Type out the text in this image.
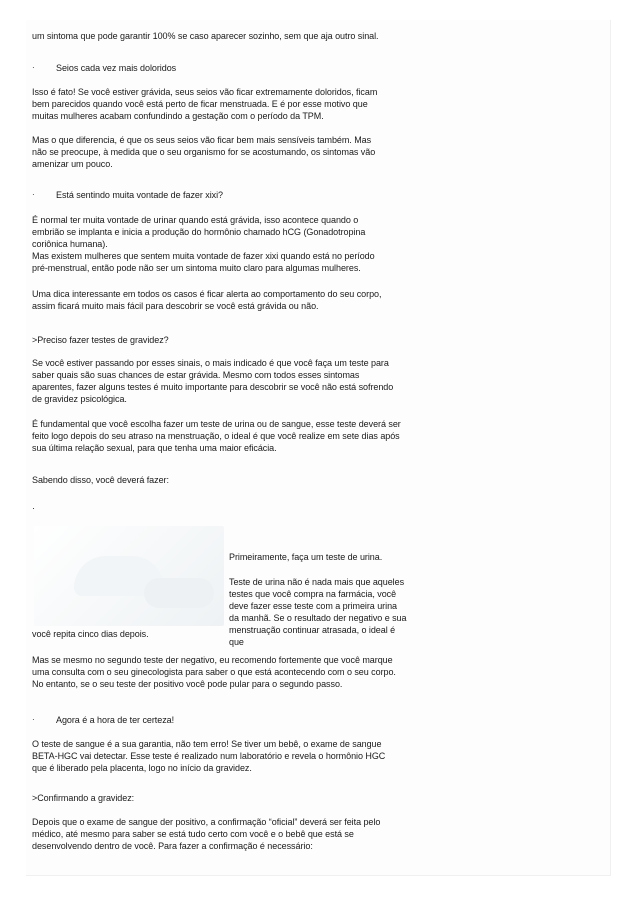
um sintoma que pode garantir 100% se caso aparecer sozinho, sem que aja outro sinal.

·	Seios cada vez mais doloridos

Isso é fato! Se você estiver grávida, seus seios vão ficar extremamente doloridos, ficam bem parecidos quando você está perto de ficar menstruada. E é por esse motivo que muitas mulheres acabam confundindo a gestação com o período da TPM.

Mas o que diferencia, é que os seus seios vão ficar bem mais sensíveis também. Mas não se preocupe, à medida que o seu organismo for se acostumando, os sintomas vão amenizar um pouco.

·	Está sentindo muita vontade de fazer xixi?

É normal ter muita vontade de urinar quando está grávida, isso acontece quando o embrião se implanta e inicia a produção do hormônio chamado hCG (Gonadotropina coriônica humana).

Mas existem mulheres que sentem muita vontade de fazer xixi quando está no período pré-menstrual, então pode não ser um sintoma muito claro para algumas mulheres.

Uma dica interessante em todos os casos é ficar alerta ao comportamento do seu corpo, assim ficará muito mais fácil para descobrir se você está grávida ou não.

>Preciso fazer testes de gravidez?

Se você estiver passando por esses sinais, o mais indicado é que você faça um teste para saber quais são suas chances de estar grávida. Mesmo com todos esses sintomas aparentes, fazer alguns testes é muito importante para descobrir se você não está sofrendo de gravidez psicológica.

É fundamental que você escolha fazer um teste de urina ou de sangue, esse teste deverá ser feito logo depois do seu atraso na menstruação, o ideal é que você realize em sete dias após sua última relação sexual, para que tenha uma maior eficácia.

Sabendo disso, você deverá fazer:

·

Primeiramente, faça um teste de urina.

Teste de urina não é nada mais que aqueles testes que você compra na farmácia, você deve fazer esse teste com a primeira urina da manhã. Se o resultado der negativo e sua menstruação continuar atrasada, o ideal é que

você repita cinco dias depois.

Mas se mesmo no segundo teste der negativo, eu recomendo fortemente que você marque uma consulta com o seu ginecologista para saber o que está acontecendo com o seu corpo. No entanto, se o seu teste der positivo você pode pular para o segundo passo.

·	Agora é a hora de ter certeza!

O teste de sangue é a sua garantia, não tem erro! Se tiver um bebê, o exame de sangue BETA-HGC vai detectar. Esse teste é realizado num laboratório e revela o hormônio HGC que é liberado pela placenta, logo no início da gravidez.

>Confirmando a gravidez:

Depois que o exame de sangue der positivo, a confirmação “oficial” deverá ser feita pelo médico, até mesmo para saber se está tudo certo com você e o bebê que está se desenvolvendo dentro de você. Para fazer a confirmação é necessário:
